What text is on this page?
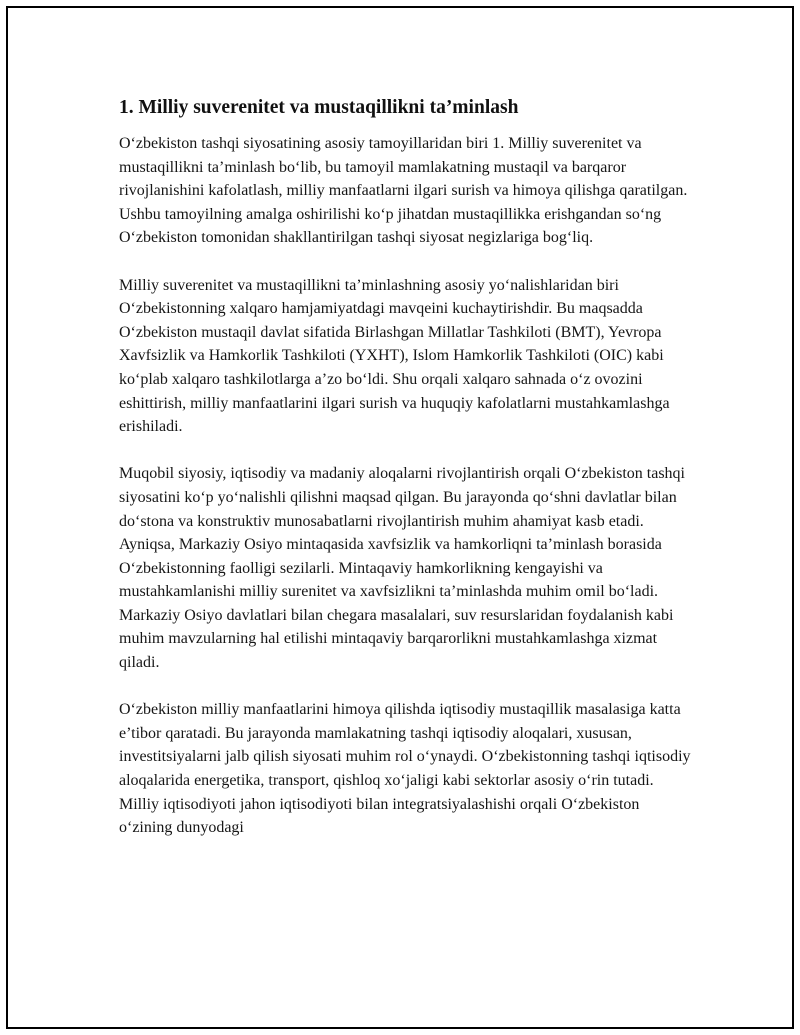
1. Milliy suverenitet va mustaqillikni ta’minlash

O‘zbekiston tashqi siyosatining asosiy tamoyillaridan biri 1. Milliy suverenitet va mustaqillikni ta’minlash bo‘lib, bu tamoyil mamlakatning mustaqil va barqaror rivojlanishini kafolatlash, milliy manfaatlarni ilgari surish va himoya qilishga qaratilgan. Ushbu tamoyilning amalga oshirilishi ko‘p jihatdan mustaqillikka erishgandan so‘ng O‘zbekiston tomonidan shakllantirilgan tashqi siyosat negizlariga bog‘liq.

Milliy suverenitet va mustaqillikni ta’minlashning asosiy yo‘nalishlaridan biri O‘zbekistonning xalqaro hamjamiyatdagi mavqeini kuchaytirishdir. Bu maqsadda O‘zbekiston mustaqil davlat sifatida Birlashgan Millatlar Tashkiloti (BMT), Yevropa Xavfsizlik va Hamkorlik Tashkiloti (YXHT), Islom Hamkorlik Tashkiloti (OIC) kabi ko‘plab xalqaro tashkilotlarga a’zo bo‘ldi. Shu orqali xalqaro sahnada o‘z ovozini eshittirish, milliy manfaatlarini ilgari surish va huquqiy kafolatlarni mustahkamlashga erishiladi.

Muqobil siyosiy, iqtisodiy va madaniy aloqalarni rivojlantirish orqali O‘zbekiston tashqi siyosatini ko‘p yo‘nalishli qilishni maqsad qilgan. Bu jarayonda qo‘shni davlatlar bilan do‘stona va konstruktiv munosabatlarni rivojlantirish muhim ahamiyat kasb etadi. Ayniqsa, Markaziy Osiyo mintaqasida xavfsizlik va hamkorliqni ta’minlash borasida O‘zbekistonning faolligi sezilarli. Mintaqaviy hamkorlikning kengayishi va mustahkamlanishi milliy surenitet va xavfsizlikni ta’minlashda muhim omil bo‘ladi. Markaziy Osiyo davlatlari bilan chegara masalalari, suv resurslaridan foydalanish kabi muhim mavzularning hal etilishi mintaqaviy barqarorlikni mustahkamlashga xizmat qiladi.

O‘zbekiston milliy manfaatlarini himoya qilishda iqtisodiy mustaqillik masalasiga katta e’tibor qaratadi. Bu jarayonda mamlakatning tashqi iqtisodiy aloqalari, xususan, investitsiyalarni jalb qilish siyosati muhim rol o‘ynaydi. O‘zbekistonning tashqi iqtisodiy aloqalarida energetika, transport, qishloq xo‘jaligi kabi sektorlar asosiy o‘rin tutadi. Milliy iqtisodiyoti jahon iqtisodiyoti bilan integratsiyalashishi orqali O‘zbekiston o‘zining dunyodagi
